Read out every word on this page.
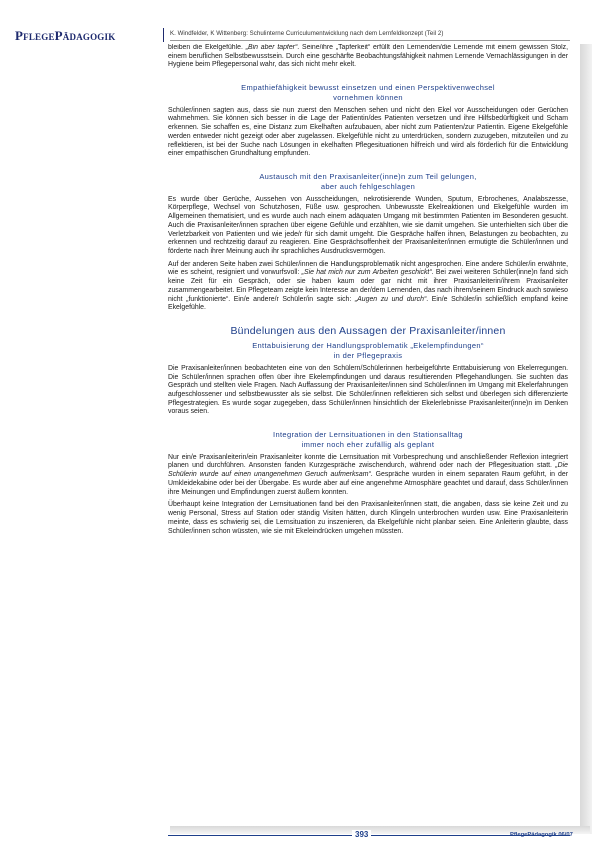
PflegePädagogik	K. Windfelder, K Wittenberg: Schulinterne Curriculumentwicklung nach dem Lernfeldkonzept (Teil 2)

bleiben die Ekelgefühle. „Bin aber tapfer“. Seine/ihre „Tapferkeit“ erfüllt den Lernenden/die Lernende mit einem gewissen Stolz, einem beruflichen Selbstbewusstsein. Durch eine geschärfte Beobachtungsfähigkeit nahmen Lernende Vernachlässigungen in der Hygiene beim Pflegepersonal wahr, das sich nicht mehr ekelt.

Empathiefähigkeit bewusst einsetzen und einen Perspektivenwechsel
vornehmen können

Schüler/innen sagten aus, dass sie nun zuerst den Menschen sehen und nicht den Ekel vor Ausscheidungen oder Gerüchen wahrnehmen. Sie können sich besser in die Lage der Patientin/des Patienten versetzen und ihre Hilfsbedürftigkeit und Scham erkennen. Sie schaffen es, eine Distanz zum Ekelhaften aufzubauen, aber nicht zum Patienten/zur Patientin. Eigene Ekelgefühle werden entweder nicht gezeigt oder aber zugelassen. Ekelgefühle nicht zu unterdrücken, sondern zuzugeben, mitzuteilen und zu reflektieren, ist bei der Suche nach Lösungen in ekelhaften Pflegesituationen hilfreich und wird als förderlich für die Entwicklung einer empathischen Grundhaltung empfunden.

Austausch mit den Praxisanleiter(inne)n zum Teil gelungen,
aber auch fehlgeschlagen

Es wurde über Gerüche, Aussehen von Ausscheidungen, nekrotisierende Wunden, Sputum, Erbrochenes, Analabszesse, Körperpflege, Wechsel von Schutzhosen, Füße usw. gesprochen. Unbewusste Ekelreaktionen und Ekelgefühle wurden im Allgemeinen thematisiert, und es wurde auch nach einem adäquaten Umgang mit bestimmten Patienten im Besonderen gesucht. Auch die Praxisanleiter/innen sprachen über eigene Gefühle und erzählten, wie sie damit umgehen. Sie unterhielten sich über die Verletzbarkeit von Patienten und wie jede/r für sich damit umgeht. Die Gespräche halfen ihnen, Belastungen zu beobachten, zu erkennen und rechtzeitig darauf zu reagieren. Eine Gesprächsoffenheit der Praxisanleiter/innen ermutigte die Schüler/innen und förderte nach ihrer Meinung auch ihr sprachliches Ausdrucksvermögen.

Auf der anderen Seite haben zwei Schüler/innen die Handlungsproblematik nicht angesprochen. Eine andere Schüler/in erwähnte, wie es scheint, resigniert und vorwurfsvoll: „Sie hat mich nur zum Arbeiten geschickt“. Bei zwei weiteren Schüler(inne)n fand sich keine Zeit für ein Gespräch, oder sie haben kaum oder gar nicht mit ihrer Praxisanleiterin/ihrem Praxisanleiter zusammengearbeitet. Ein Pflegeteam zeigte kein Interesse an der/dem Lernenden, das nach ihrem/seinem Eindruck auch sowieso nicht „funktionierte“. Ein/e andere/r Schüler/in sagte sich: „Augen zu und durch“. Ein/e Schüler/in schließlich empfand keine Ekelgefühle.

Bündelungen aus den Aussagen der Praxisanleiter/innen
Enttabuisierung der Handlungsproblematik „Ekelempfindungen“
in der Pflegepraxis

Die Praxisanleiter/innen beobachteten eine von den Schülern/Schülerinnen herbeigeführte Enttabuisierung von Ekelerregungen. Die Schüler/innen sprachen offen über ihre Ekelempfindungen und daraus resultierenden Pflegehandlungen. Sie suchten das Gespräch und stellten viele Fragen. Nach Auffassung der Praxisanleiter/innen sind Schüler/innen im Umgang mit Ekelerfahrungen aufgeschlossener und selbstbewusster als sie selbst. Die Schüler/innen reflektieren sich selbst und überlegen sich differenzierte Pflegestrategien. Es wurde sogar zugegeben, dass Schüler/innen hinsichtlich der Ekelerlebnisse Praxisanleiter(inne)n im Denken voraus seien.

Integration der Lernsituationen in den Stationsalltag
immer noch eher zufällig als geplant

Nur ein/e Praxisanleiterin/ein Praxisanleiter konnte die Lernsituation mit Vorbesprechung und anschließender Reflexion integriert planen und durchführen. Ansonsten fanden Kurzgespräche zwischendurch, während oder nach der Pflegesituation statt. „Die Schülerin wurde auf einen unangenehmen Geruch aufmerksam“. Gespräche wurden in einem separaten Raum geführt, in der Umkleidekabine oder bei der Übergabe. Es wurde aber auf eine angenehme Atmosphäre geachtet und darauf, dass Schüler/innen ihre Meinungen und Empfindungen zuerst äußern konnten.

Überhaupt keine Integration der Lernsituationen fand bei den Praxisanleiter/innen statt, die angaben, dass sie keine Zeit und zu wenig Personal, Stress auf Station oder ständig Visiten hätten, durch Klingeln unterbrochen wurden usw. Eine Praxisanleiterin meinte, dass es schwierig sei, die Lernsituation zu inszenieren, da Ekelgefühle nicht planbar seien. Eine Anleiterin glaubte, dass Schüler/innen schon wüssten, wie sie mit Ekeleindrücken umgehen müssten.

393	PflegePädagogik 06/07
